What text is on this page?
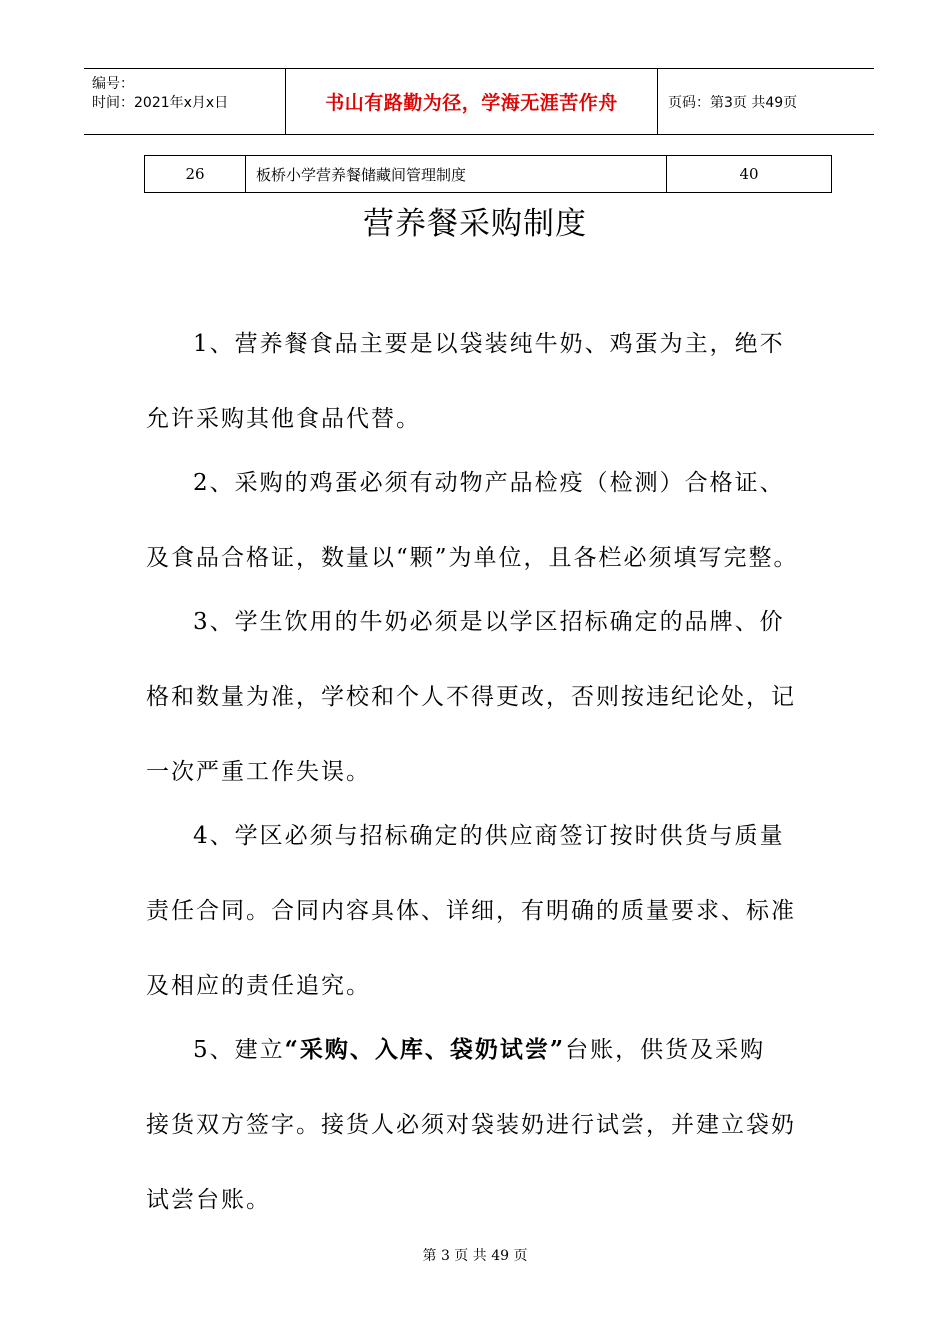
编号：
时间：2021年x月x日	书山有路勤为径，学海无涯苦作舟	页码：第3页 共49页
26	板桥小学营养餐储藏间管理制度	40
营养餐采购制度
1、营养餐食品主要是以袋装纯牛奶、鸡蛋为主，绝不
允许采购其他食品代替。
2、采购的鸡蛋必须有动物产品检疫（检测）合格证、
及食品合格证，数量以“颗”为单位，且各栏必须填写完整。
3、学生饮用的牛奶必须是以学区招标确定的品牌、价
格和数量为准，学校和个人不得更改，否则按违纪论处，记
一次严重工作失误。
4、学区必须与招标确定的供应商签订按时供货与质量
责任合同。合同内容具体、详细，有明确的质量要求、标准
及相应的责任追究。
5、建立“采购、入库、袋奶试尝”台账，供货及采购
接货双方签字。接货人必须对袋装奶进行试尝，并建立袋奶
试尝台账。
第 3 页 共 49 页
